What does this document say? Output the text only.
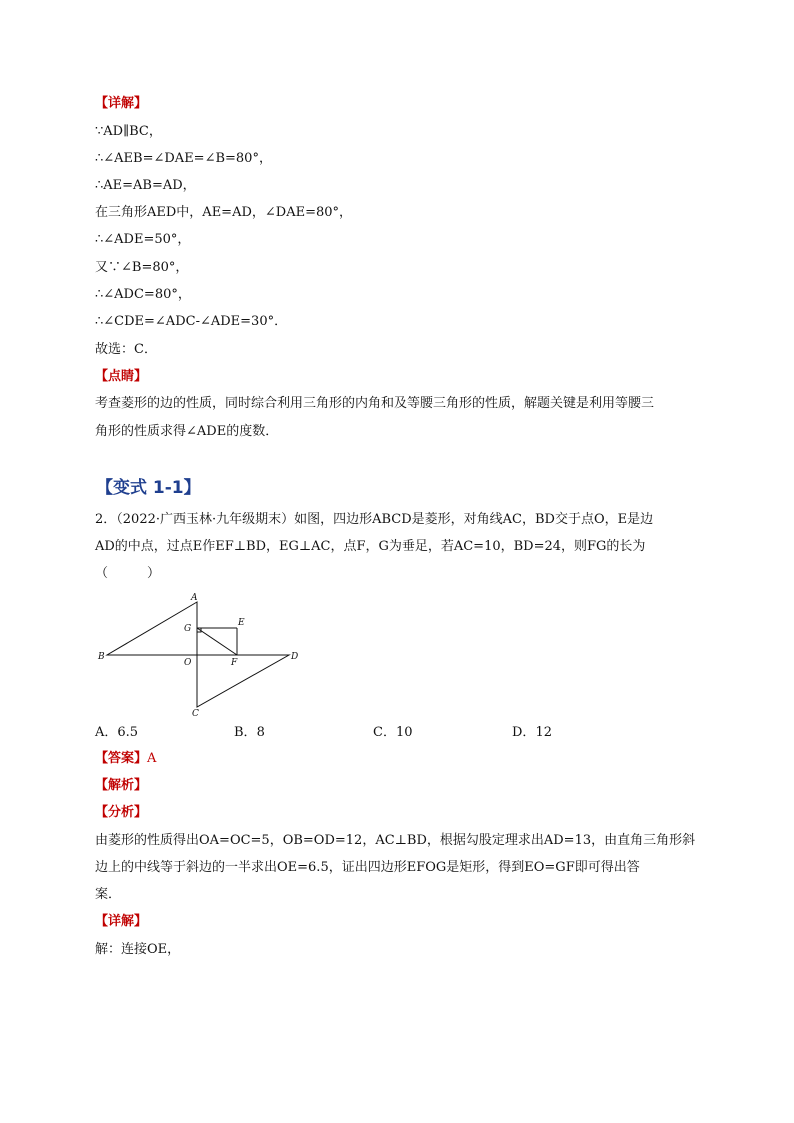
【详解】
∵AD∥BC，
∴∠AEB=∠DAE=∠B=80°，
∴AE=AB=AD，
在三角形AED中，AE=AD，∠DAE=80°，
∴∠ADE=50°，
又∵∠B=80°，
∴∠ADC=80°，
∴∠CDE=∠ADC-∠ADE=30°．
故选：C．
【点睛】
考查菱形的边的性质，同时综合利用三角形的内角和及等腰三角形的性质，解题关键是利用等腰三
角形的性质求得∠ADE的度数．
【变式 1-1】
2．（2022·广西玉林·九年级期末）如图，四边形ABCD是菱形，对角线AC，BD交于点O，E是边
AD的中点，过点E作EF⊥BD，EG⊥AC，点F，G为垂足，若AC=10，BD=24，则FG的长为
（　　　）
A
B
C
D
O
E
F
G
A．6.5	B．8	C．10	D．12
【答案】A
【解析】
【分析】
由菱形的性质得出OA=OC=5，OB=OD=12，AC⊥BD，根据勾股定理求出AD=13，由直角三角形斜
边上的中线等于斜边的一半求出OE=6.5，证出四边形EFOG是矩形，得到EO=GF即可得出答
案．
【详解】
解：连接OE，
